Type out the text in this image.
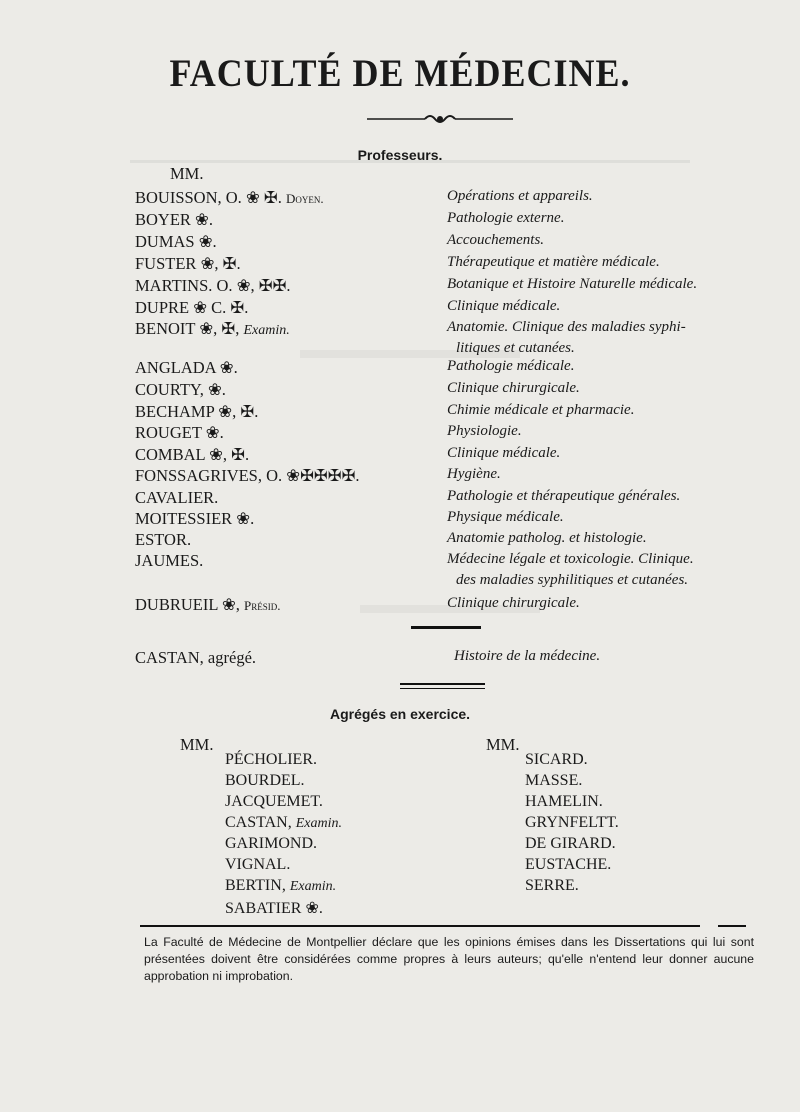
FACULTÉ DE MÉDECINE.
Professeurs.
MM.
BOUISSON, O. ❀ ✠. Doyen.	Opérations et appareils.
BOYER ❀.	Pathologie externe.
DUMAS ❀.	Accouchements.
FUSTER ❀, ✠.	Thérapeutique et matière médicale.
MARTINS. O. ❀, ✠✠.	Botanique et Histoire Naturelle médicale.
DUPRE ❀ C. ✠.	Clinique médicale.
BENOIT ❀, ✠, Examin.	Anatomie. Clinique des maladies syphi-
litiques et cutanées.
ANGLADA ❀.	Pathologie médicale.
COURTY, ❀.	Clinique chirurgicale.
BECHAMP ❀, ✠.	Chimie médicale et pharmacie.
ROUGET ❀.	Physiologie.
COMBAL ❀, ✠.	Clinique médicale.
FONSSAGRIVES, O. ❀✠✠✠✠.	Hygiène.
CAVALIER.	Pathologie et thérapeutique générales.
MOITESSIER ❀.	Physique médicale.
ESTOR.	Anatomie patholog. et histologie.
JAUMES.	Médecine légale et toxicologie. Clinique.
des maladies syphilitiques et cutanées.
DUBRUEIL ❀, Présid.	Clinique chirurgicale.
CASTAN, agrégé.	Histoire de la médecine.
Agrégés en exercice.
MM.	MM.
PÉCHOLIER.
BOURDEL.
JACQUEMET.
CASTAN, Examin.
GARIMOND.
VIGNAL.
BERTIN, Examin.
SABATIER ❀.
SICARD.
MASSE.
HAMELIN.
GRYNFELTT.
DE GIRARD.
EUSTACHE.
SERRE.
La Faculté de Médecine de Montpellier déclare que les opinions émises dans les Dissertations qui lui sont présentées doivent être considérées comme propres à leurs auteurs; qu'elle n'entend leur donner aucune approbation ni improbation.
